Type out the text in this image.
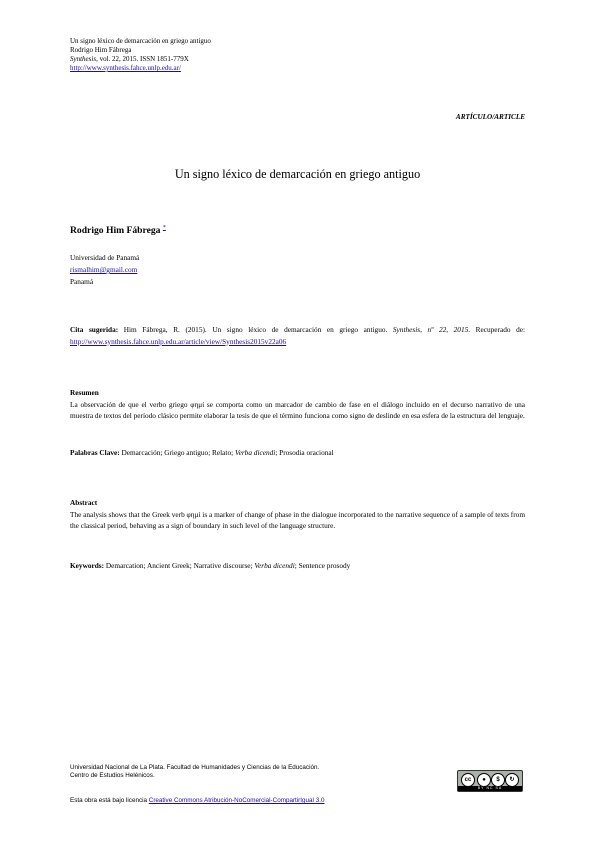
Un signo léxico de demarcación en griego antiguo
Rodrigo Him Fábrega
Synthesis, vol. 22, 2015. ISSN 1851-779X
http://www.synthesis.fahce.unlp.edu.ar/
ARTÍCULO/ARTICLE
Un signo léxico de demarcación en griego antiguo
Rodrigo Him Fábrega *
Universidad de Panamá
rismalhim@gmail.com
Panamá
Cita sugerida: Him Fábrega, R. (2015). Un signo léxico de demarcación en griego antiguo. Synthesis, nº 22, 2015. Recuperado de: http://www.synthesis.fahce.unlp.edu.ar/article/view/Synthesis2015v22a06
Resumen
La observación de que el verbo griego φημί se comporta como un marcador de cambio de fase en el diálogo incluido en el decurso narrativo de una muestra de textos del período clásico permite elaborar la tesis de que el término funciona como signo de deslinde en esa esfera de la estructura del lenguaje.
Palabras Clave: Demarcación; Griego antiguo; Relato; Verba dicendi; Prosodia oracional
Abstract
The analysis shows that the Greek verb φημί is a marker of change of phase in the dialogue incorporated to the narrative sequence of a sample of texts from the classical period, behaving as a sign of boundary in such level of the language structure.
Keywords: Demarcation; Ancient Greek; Narrative discourse; Verba dicendi; Sentence prosody
Universidad Nacional de La Plata. Facultad de Humanidades y Ciencias de la Educación.
Centro de Estudios Helénicos.
cc	●	$	↻
BY NC SA
Esta obra está bajo licencia Creative Commons Atribución-NoComercial-CompartirIgual 3.0
